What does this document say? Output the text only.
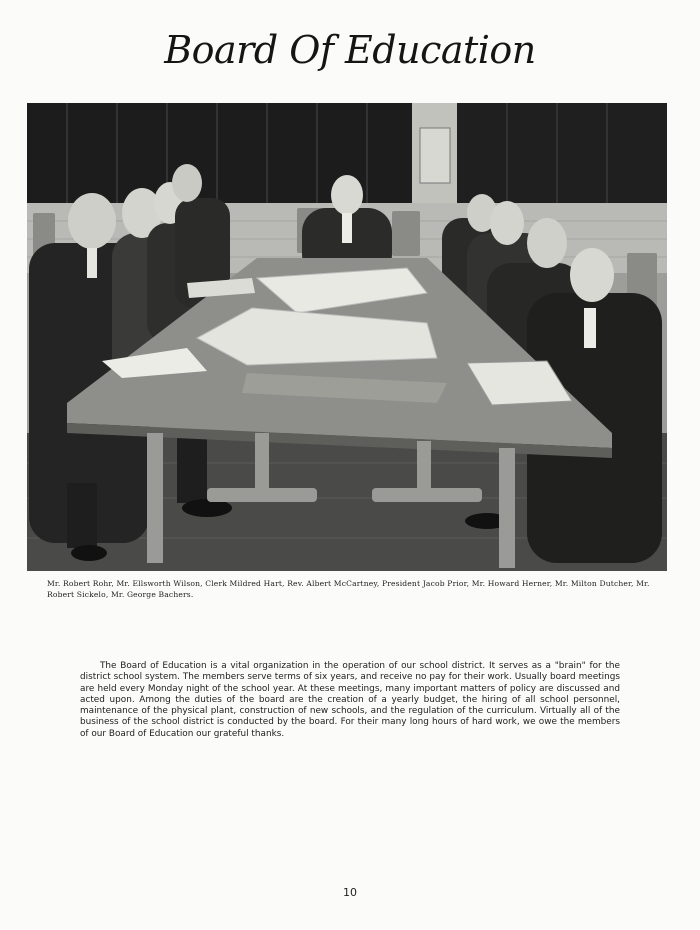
Board Of Education
Mr. Robert Rohr, Mr. Ellsworth Wilson, Clerk Mildred Hart, Rev. Albert McCartney, President Jacob Prior, Mr. Howard Herner, Mr. Milton Dutcher, Mr. Robert Sickelo, Mr. George Bachers.

The Board of Education is a vital organization in the operation of our school district. It serves as a "brain" for the district school system. The members serve terms of six years, and receive no pay for their work. Usually board meetings are held every Monday night of the school year. At these meetings, many important matters of policy are discussed and acted upon. Among the duties of the board are the creation of a yearly budget, the hiring of all school personnel, maintenance of the physical plant, construction of new schools, and the regulation of the curriculum. Virtually all of the business of the school district is conducted by the board. For their many long hours of hard work, we owe the members of our Board of Education our grateful thanks.

10
